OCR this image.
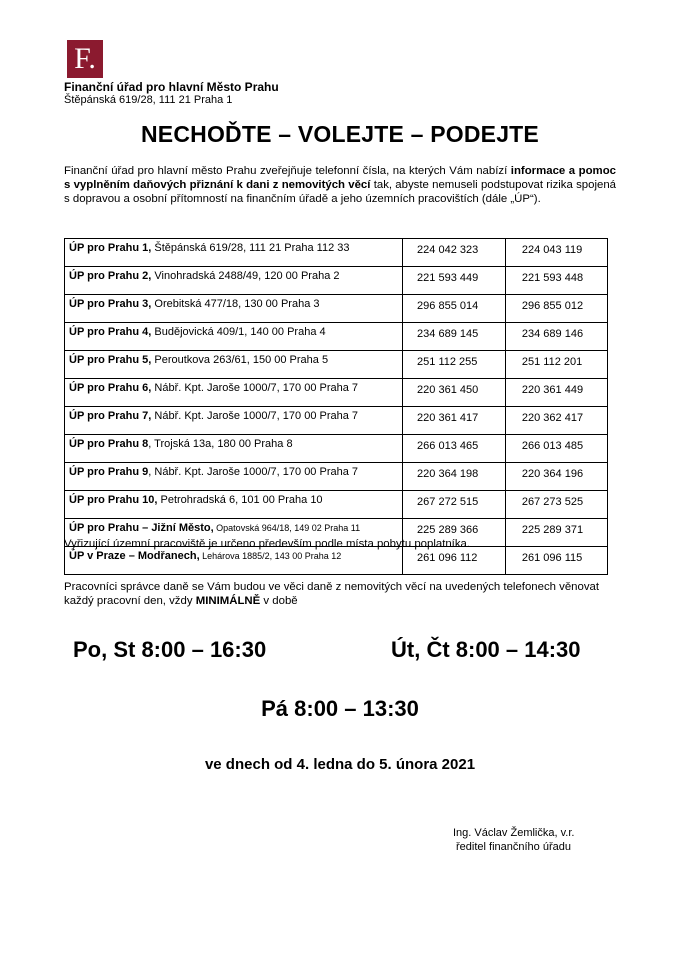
F.
Finanční úřad pro hlavní Město Prahu
Štěpánská 619/28, 111 21 Praha 1
NECHOĎTE – VOLEJTE – PODEJTE
Finanční úřad pro hlavní město Prahu zveřejňuje telefonní čísla, na kterých Vám nabízí informace a pomoc s vyplněním daňových přiznání k dani z nemovitých věcí tak, abyste nemuseli podstupovat rizika spojená s dopravou a osobní přítomností na finančním úřadě a jeho územních pracovištích (dále „ÚP“).
ÚP pro Prahu 1, Štěpánská 619/28, 111 21 Praha 112 33	224 042 323	224 043 119
ÚP pro Prahu 2, Vinohradská 2488/49, 120 00 Praha 2	221 593 449	221 593 448
ÚP pro Prahu 3, Orebitská 477/18, 130 00 Praha 3	296 855 014	296 855 012
ÚP pro Prahu 4, Budějovická 409/1, 140 00 Praha 4	234 689 145	234 689 146
ÚP pro Prahu 5, Peroutkova 263/61, 150 00 Praha 5	251 112 255	251 112 201
ÚP pro Prahu 6, Nábř. Kpt. Jaroše 1000/7, 170 00 Praha 7	220 361 450	220 361 449
ÚP pro Prahu 7, Nábř. Kpt. Jaroše 1000/7, 170 00 Praha 7	220 361 417	220 362 417
ÚP pro Prahu 8, Trojská 13a, 180 00 Praha 8	266 013 465	266 013 485
ÚP pro Prahu 9, Nábř. Kpt. Jaroše 1000/7, 170 00 Praha 7	220 364 198	220 364 196
ÚP pro Prahu 10, Petrohradská 6, 101 00 Praha 10	267 272 515	267 273 525
ÚP pro Prahu – Jižní Město, Opatovská 964/18, 149 02 Praha 11	225 289 366	225 289 371
ÚP v Praze – Modřanech, Lehárova 1885/2, 143 00 Praha 12	261 096 112	261 096 115
Vyřizující územní pracoviště je určeno především podle místa pobytu poplatníka.
Pracovníci správce daně se Vám budou ve věci daně z nemovitých věcí na uvedených telefonech věnovat každý pracovní den, vždy MINIMÁLNĚ v době
Po, St 8:00 – 16:30	Út, Čt 8:00 – 14:30
Pá 8:00 – 13:30
ve dnech od 4. ledna do 5. února 2021
Ing. Václav Žemlička, v.r.
ředitel finančního úřadu
